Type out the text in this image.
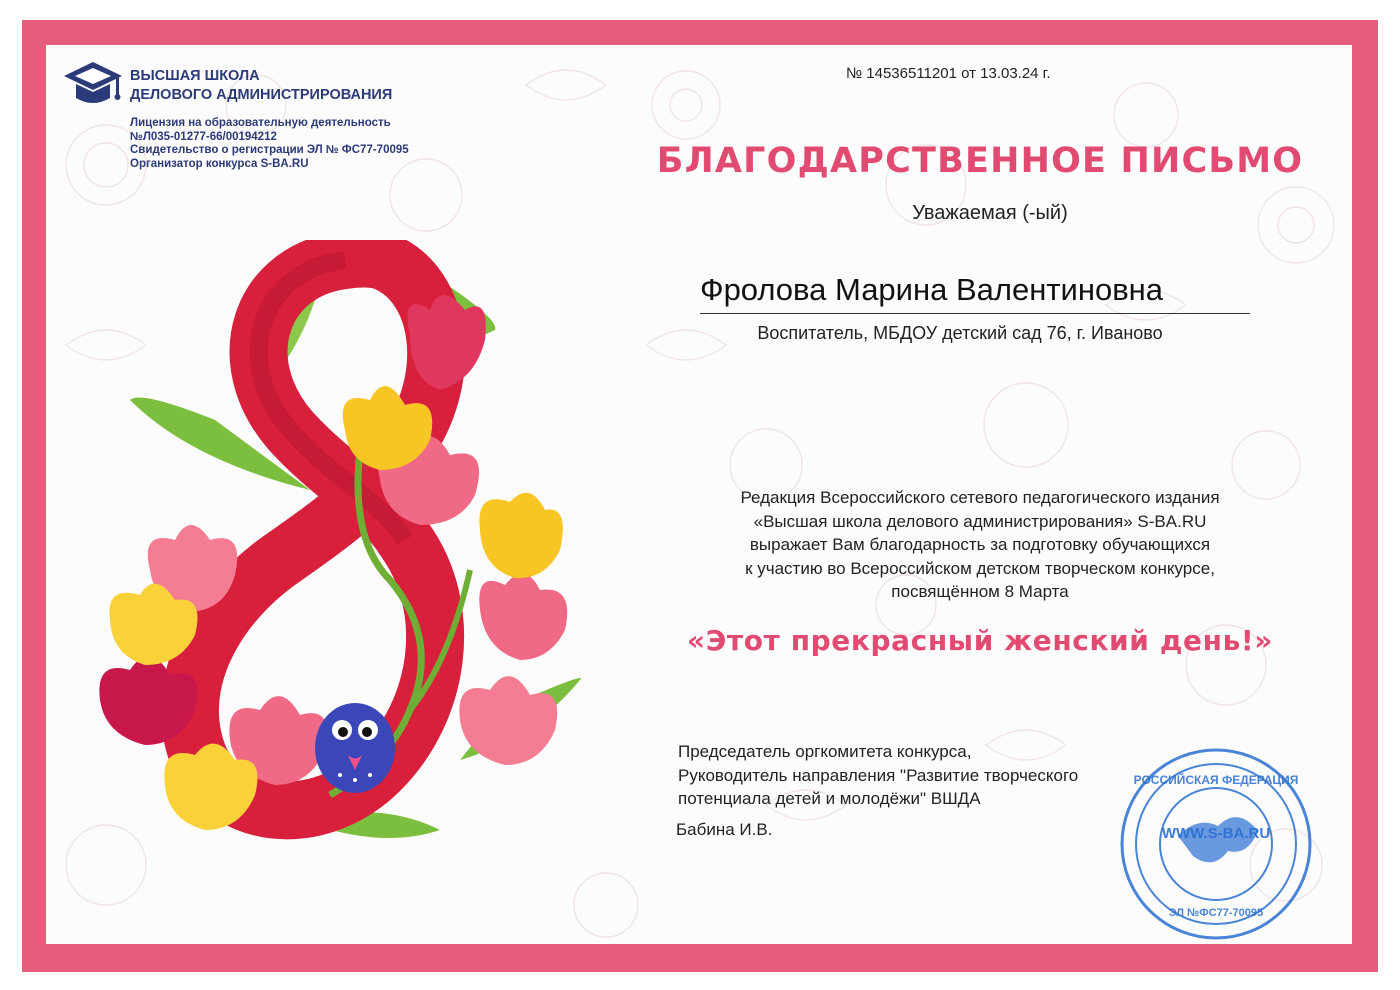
ВЫСШАЯ ШКОЛА
ДЕЛОВОГО АДМИНИСТРИРОВАНИЯ
Лицензия на образовательную деятельность
№Л035-01277-66/00194212
Свидетельство о регистрации ЭЛ № ФС77-70095
Организатор конкурса S-BA.RU
№ 14536511201 от 13.03.24 г.
БЛАГОДАРСТВЕННОЕ ПИСЬМО
Уважаемая (-ый)
Фролова Марина Валентиновна
Воспитатель, МБДОУ детский сад 76, г. Иваново
Редакция Всероссийского сетевого педагогического издания
«Высшая школа делового администрирования» S-BA.RU
выражает Вам благодарность за подготовку обучающихся
к участию во Всероссийском детском творческом конкурсе,
посвящённом 8 Марта
«Этот прекрасный женский день!»
Председатель оргкомитета конкурса,
Руководитель направления "Развитие творческого
потенциала детей и молодёжи" ВШДА
Бабина И.В.	WWW.S-BA.RU
РОССИЙСКАЯ ФЕДЕРАЦИЯ
ЭЛ №ФС77-70095
